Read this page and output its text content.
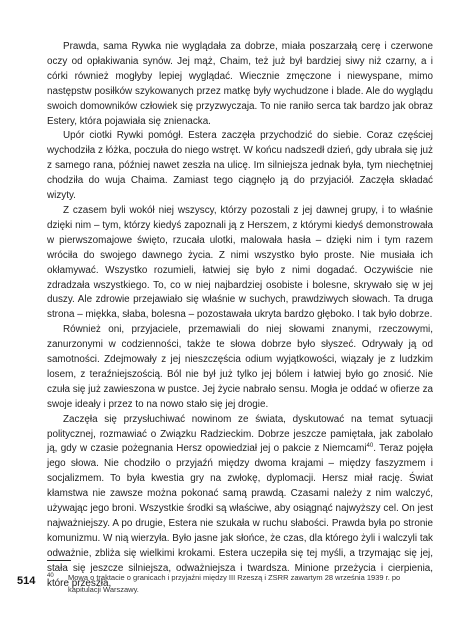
Prawda, sama Rywka nie wyglądała za dobrze, miała poszarzałą cerę i czerwone oczy od opłakiwania synów. Jej mąż, Chaim, też już był bardziej siwy niż czarny, a i córki również mogłyby lepiej wyglądać. Wiecznie zmęczone i niewyspane, mimo następstw posiłków szykowanych przez matkę były wychudzone i blade. Ale do wyglądu swoich domowników człowiek się przyzwyczaja. To nie raniło serca tak bardzo jak obraz Estery, która pojawiała się znienacka.

Upór ciotki Rywki pomógł. Estera zaczęła przychodzić do siebie. Coraz częściej wychodziła z łóżka, poczuła do niego wstręt. W końcu nadszedł dzień, gdy ubrała się już z samego rana, później nawet zeszła na ulicę. Im silniejsza jednak była, tym niechętniej chodziła do wuja Chaima. Zamiast tego ciągnęło ją do przyjaciół. Zaczęła składać wizyty.

Z czasem byli wokół niej wszyscy, którzy pozostali z jej dawnej grupy, i to właśnie dzięki nim – tym, którzy kiedyś zapoznali ją z Herszem, z którymi kiedyś demonstrowała w pierwszomajowe święto, rzucała ulotki, malowała hasła – dzięki nim i tym razem wróciła do swojego dawnego życia. Z nimi wszystko było proste. Nie musiała ich okłamywać. Wszystko rozumieli, łatwiej się było z nimi dogadać. Oczywiście nie zdradzała wszystkiego. To, co w niej najbardziej osobiste i bolesne, skrywało się w jej duszy. Ale zdrowie przejawiało się właśnie w suchych, prawdziwych słowach. Ta druga strona – miękka, słaba, bolesna – pozostawała ukryta bardzo głęboko. I tak było dobrze.

Również oni, przyjaciele, przemawiali do niej słowami znanymi, rzeczowymi, zanurzonymi w codzienności, także te słowa dobrze było słyszeć. Odrywały ją od samotności. Zdejmowały z jej nieszczęścia odium wyjątkowości, wiązały je z ludzkim losem, z teraźniejszością. Ból nie był już tylko jej bólem i łatwiej było go znosić. Nie czuła się już zawieszona w pustce. Jej życie nabrało sensu. Mogła je oddać w ofierze za swoje ideały i przez to na nowo stało się jej drogie.

Zaczęła się przysłuchiwać nowinom ze świata, dyskutować na temat sytuacji politycznej, rozmawiać o Związku Radzieckim. Dobrze jeszcze pamiętała, jak zabolało ją, gdy w czasie pożegnania Hersz opowiedział jej o pakcie z Niemcami$^{40}$. Teraz pojęła jego słowa. Nie chodziło o przyjaźń między dwoma krajami – między faszyzmem i socjalizmem. To była kwestia gry na zwłokę, dyplomacji. Hersz miał rację. Świat kłamstwa nie zawsze można pokonać samą prawdą. Czasami należy z nim walczyć, używając jego broni. Wszystkie środki są właściwe, aby osiągnąć najwyższy cel. On jest najważniejszy. A po drugie, Estera nie szukała w ruchu słabości. Prawda była po stronie komunizmu. W nią wierzyła. Było jasne jak słońce, że czas, dla którego żyli i walczyli tak odważnie, zbliża się wielkimi krokami. Estera uczepiła się tej myśli, a trzymając się jej, stała się jeszcze silniejsza, odważniejsza i twardsza. Minione przeżycia i cierpienia, które przeszła,

40 Mowa o traktacie o granicach i przyjaźni między III Rzeszą i ZSRR zawartym 28 września 1939 r. po kapitulacji Warszawy.
514
